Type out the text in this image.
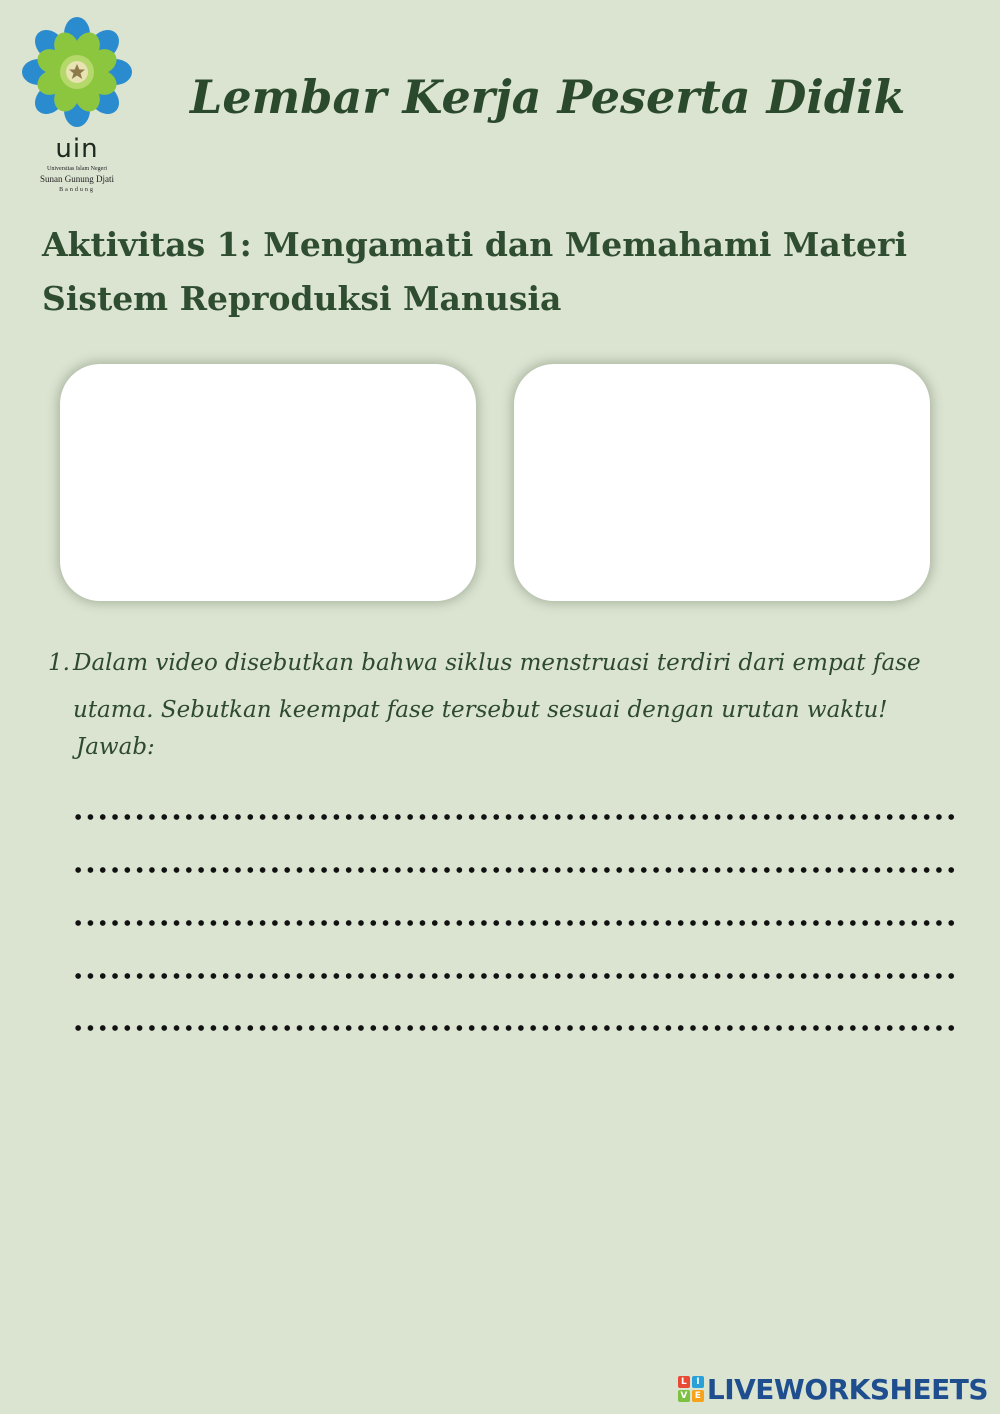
uin
Universitas Islam Negeri
Sunan Gunung Djati
Bandung
Lembar Kerja Peserta Didik
Aktivitas 1: Mengamati dan Memahami Materi Sistem Reproduksi Manusia
1. Dalam video disebutkan bahwa siklus menstruasi terdiri dari empat fase utama. Sebutkan keempat fase tersebut sesuai dengan urutan waktu!
Jawab:
L	I
V E LIVEWORKSHEETS
